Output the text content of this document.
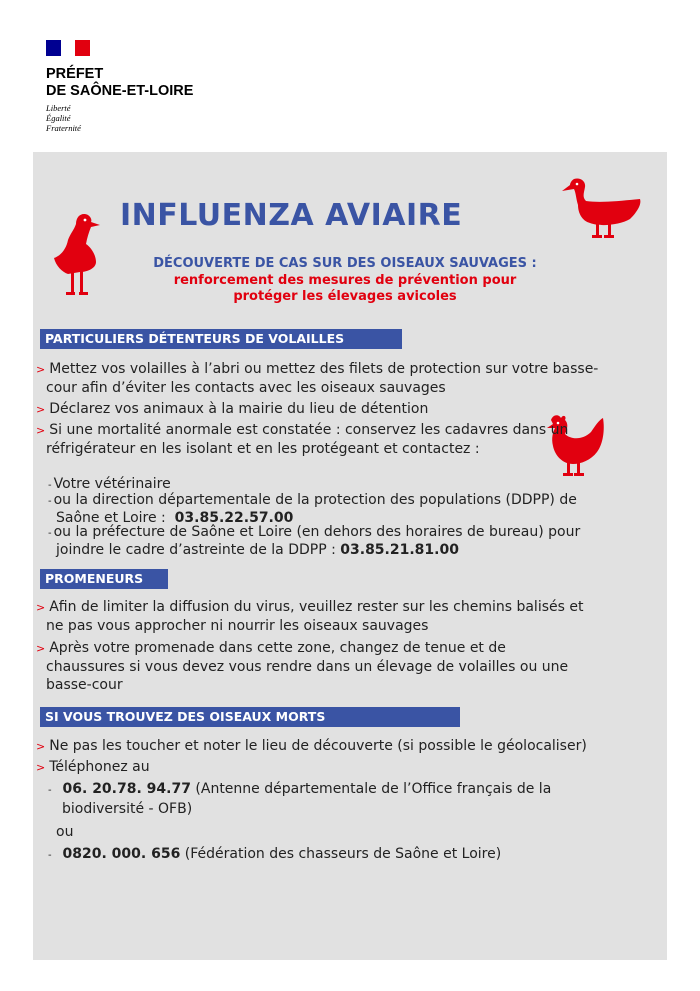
PRÉFET
DE SAÔNE-ET-LOIRE
Liberté
Égalité
Fraternité
INFLUENZA AVIAIRE
DÉCOUVERTE DE CAS SUR DES OISEAUX SAUVAGES :
renforcement des mesures de prévention pour
protéger les élevages avicoles
PARTICULIERS DÉTENTEURS DE VOLAILLES
> Mettez vos volailles à l’abri ou mettez des filets de protection sur votre basse-
cour afin d’éviter les contacts avec les oiseaux sauvages
> Déclarez vos animaux à la mairie du lieu de détention
> Si une mortalité anormale est constatée : conservez les cadavres dans un
réfrigérateur en les isolant et en les protégeant et contactez :
- Votre vétérinaire
- ou la direction départementale de la protection des populations (DDPP) de
Saône et Loire : 03.85.22.57.00
- ou la préfecture de Saône et Loire (en dehors des horaires de bureau) pour
joindre le cadre d’astreinte de la DDPP : 03.85.21.81.00
PROMENEURS
> Afin de limiter la diffusion du virus, veuillez rester sur les chemins balisés et
ne pas vous approcher ni nourrir les oiseaux sauvages
> Après votre promenade dans cette zone, changez de tenue et de
chaussures si vous devez vous rendre dans un élevage de volailles ou une
basse-cour
SI VOUS TROUVEZ DES OISEAUX MORTS
> Ne pas les toucher et noter le lieu de découverte (si possible le géolocaliser)
> Téléphonez au
- 06. 20.78. 94.77 (Antenne départementale de l’Office français de la
biodiversité - OFB)
ou
- 0820. 000. 656 (Fédération des chasseurs de Saône et Loire)
